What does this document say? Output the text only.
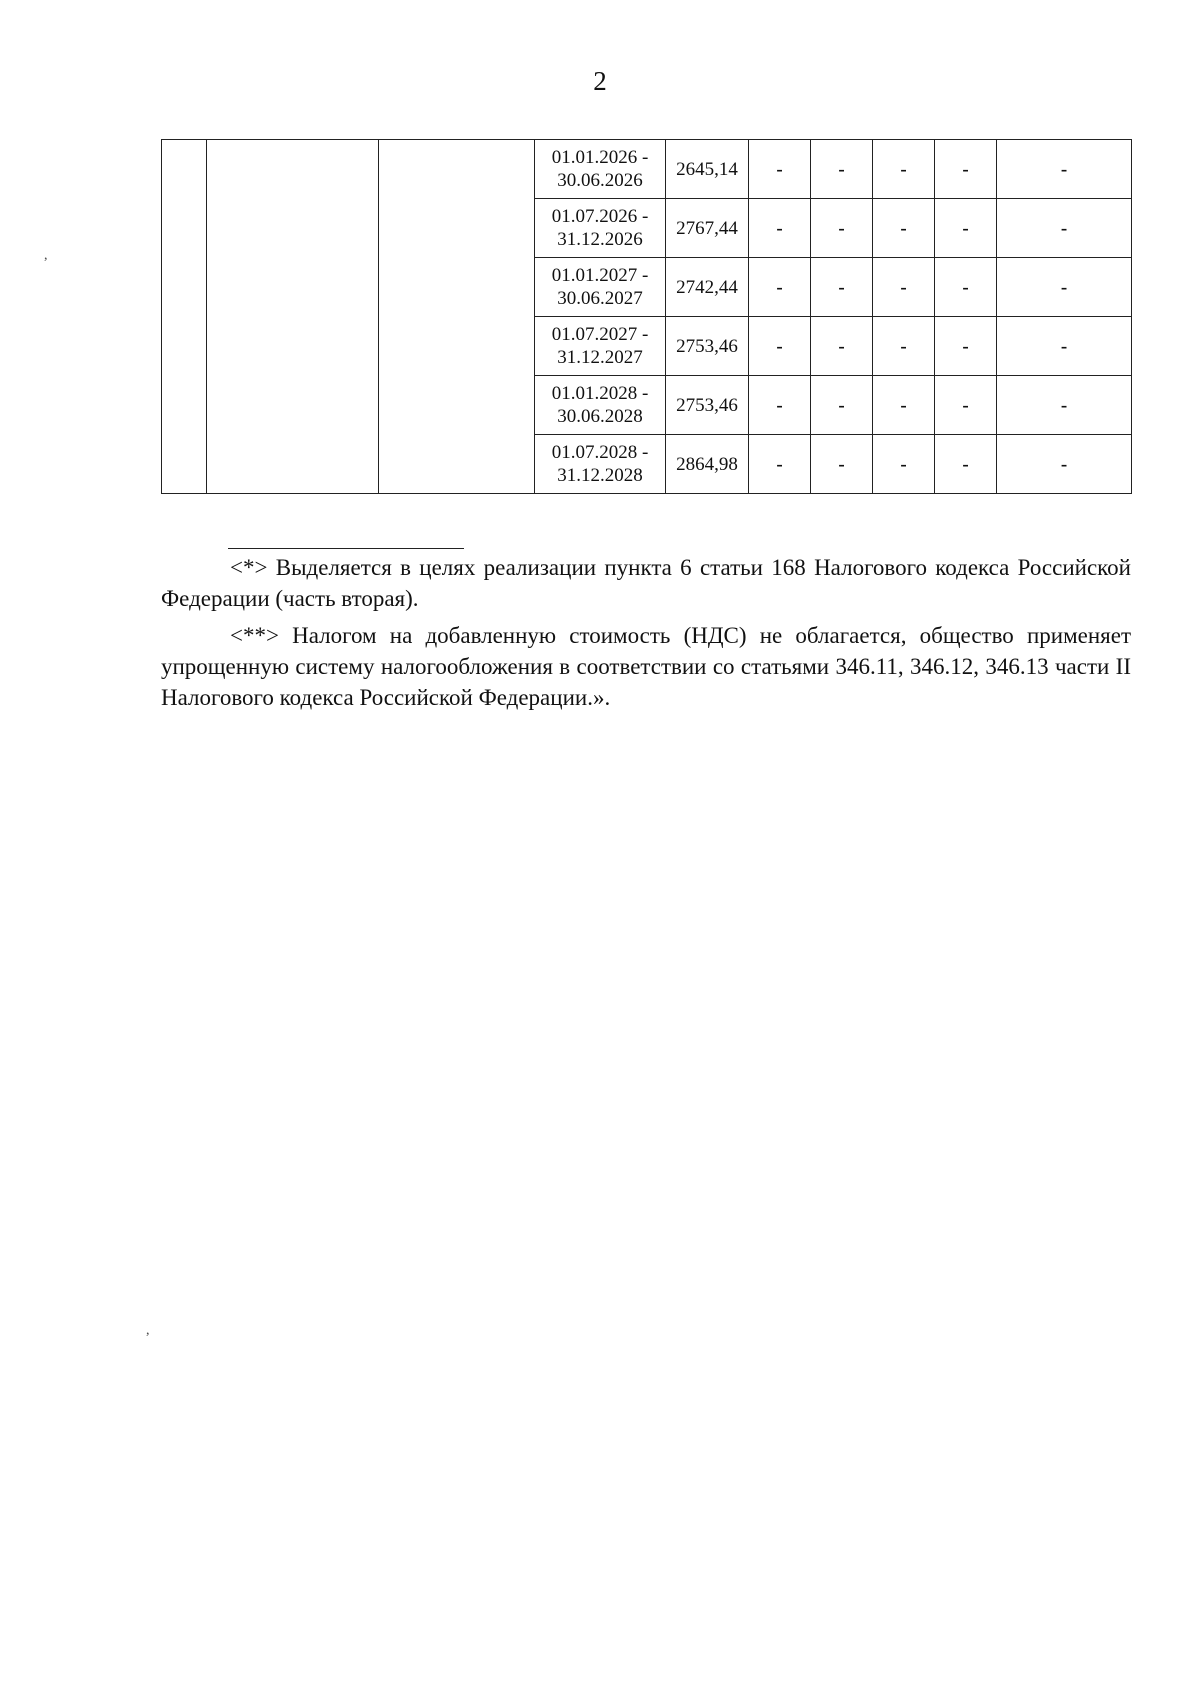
2
			01.01.2026 -
30.06.2026	2645,14	-	-	-	-	-
			01.07.2026 -
31.12.2026	2767,44	-	-	-	-	-
			01.01.2027 -
30.06.2027	2742,44	-	-	-	-	-
			01.07.2027 -
31.12.2027	2753,46	-	-	-	-	-
			01.01.2028 -
30.06.2028	2753,46	-	-	-	-	-
			01.07.2028 -
31.12.2028	2864,98	-	-	-	-	-

<*> Выделяется в целях реализации пункта 6 статьи 168 Налогового кодекса Российской Федерации (часть вторая).

<**> Налогом на добавленную стоимость (НДС) не облагается, общество применяет упрощенную систему налогообложения в соответствии со статьями 346.11, 346.12, 346.13 части II Налогового кодекса Российской Федерации.».

,
,
